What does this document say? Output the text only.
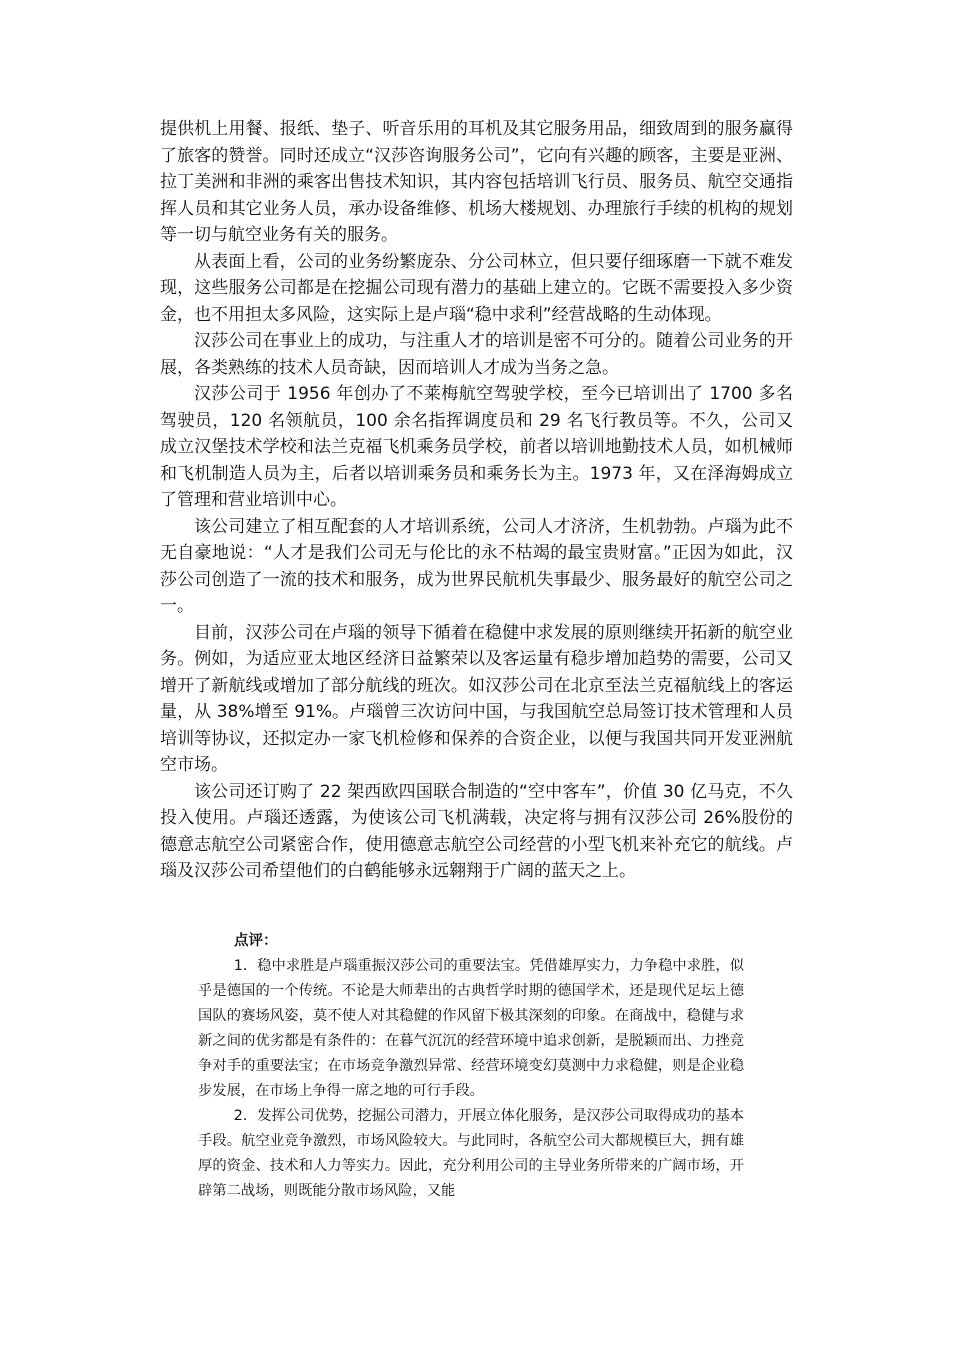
提供机上用餐、报纸、垫子、听音乐用的耳机及其它服务用品，细致周到的服务赢得了旅客的赞誉。同时还成立“汉莎咨询服务公司”，它向有兴趣的顾客，主要是亚洲、拉丁美洲和非洲的乘客出售技术知识，其内容包括培训飞行员、服务员、航空交通指挥人员和其它业务人员，承办设备维修、机场大楼规划、办理旅行手续的机构的规划等一切与航空业务有关的服务。

从表面上看，公司的业务纷繁庞杂、分公司林立，但只要仔细琢磨一下就不难发现，这些服务公司都是在挖掘公司现有潜力的基础上建立的。它既不需要投入多少资金，也不用担太多风险，这实际上是卢瑙“稳中求利”经营战略的生动体现。

汉莎公司在事业上的成功，与注重人才的培训是密不可分的。随着公司业务的开展，各类熟练的技术人员奇缺，因而培训人才成为当务之急。

汉莎公司于 1956 年创办了不莱梅航空驾驶学校，至今已培训出了 1700 多名驾驶员，120 名领航员，100 余名指挥调度员和 29 名飞行教员等。不久，公司又成立汉堡技术学校和法兰克福飞机乘务员学校，前者以培训地勤技术人员，如机械师和飞机制造人员为主，后者以培训乘务员和乘务长为主。1973 年，又在泽海姆成立了管理和营业培训中心。

该公司建立了相互配套的人才培训系统，公司人才济济，生机勃勃。卢瑙为此不无自豪地说：“人才是我们公司无与伦比的永不枯竭的最宝贵财富。”正因为如此，汉莎公司创造了一流的技术和服务，成为世界民航机失事最少、服务最好的航空公司之一。

目前，汉莎公司在卢瑙的领导下循着在稳健中求发展的原则继续开拓新的航空业务。例如，为适应亚太地区经济日益繁荣以及客运量有稳步增加趋势的需要，公司又增开了新航线或增加了部分航线的班次。如汉莎公司在北京至法兰克福航线上的客运量，从 38%增至 91%。卢瑙曾三次访问中国，与我国航空总局签订技术管理和人员培训等协议，还拟定办一家飞机检修和保养的合资企业，以便与我国共同开发亚洲航空市场。

该公司还订购了 22 架西欧四国联合制造的“空中客车”，价值 30 亿马克，不久投入使用。卢瑙还透露，为使该公司飞机满载，决定将与拥有汉莎公司 26%股份的德意志航空公司紧密合作，使用德意志航空公司经营的小型飞机来补充它的航线。卢瑙及汉莎公司希望他们的白鹤能够永远翱翔于广阔的蓝天之上。

点评：

1．稳中求胜是卢瑙重振汉莎公司的重要法宝。凭借雄厚实力，力争稳中求胜，似乎是德国的一个传统。不论是大师辈出的古典哲学时期的德国学术，还是现代足坛上德国队的赛场风姿，莫不使人对其稳健的作风留下极其深刻的印象。在商战中，稳健与求新之间的优劣都是有条件的：在暮气沉沉的经营环境中追求创新，是脱颖而出、力挫竞争对手的重要法宝；在市场竞争激烈异常、经营环境变幻莫测中力求稳健，则是企业稳步发展，在市场上争得一席之地的可行手段。

2．发挥公司优势，挖掘公司潜力，开展立体化服务，是汉莎公司取得成功的基本手段。航空业竞争激烈，市场风险较大。与此同时，各航空公司大都规模巨大，拥有雄厚的资金、技术和人力等实力。因此，充分利用公司的主导业务所带来的广阔市场，开辟第二战场，则既能分散市场风险，又能
